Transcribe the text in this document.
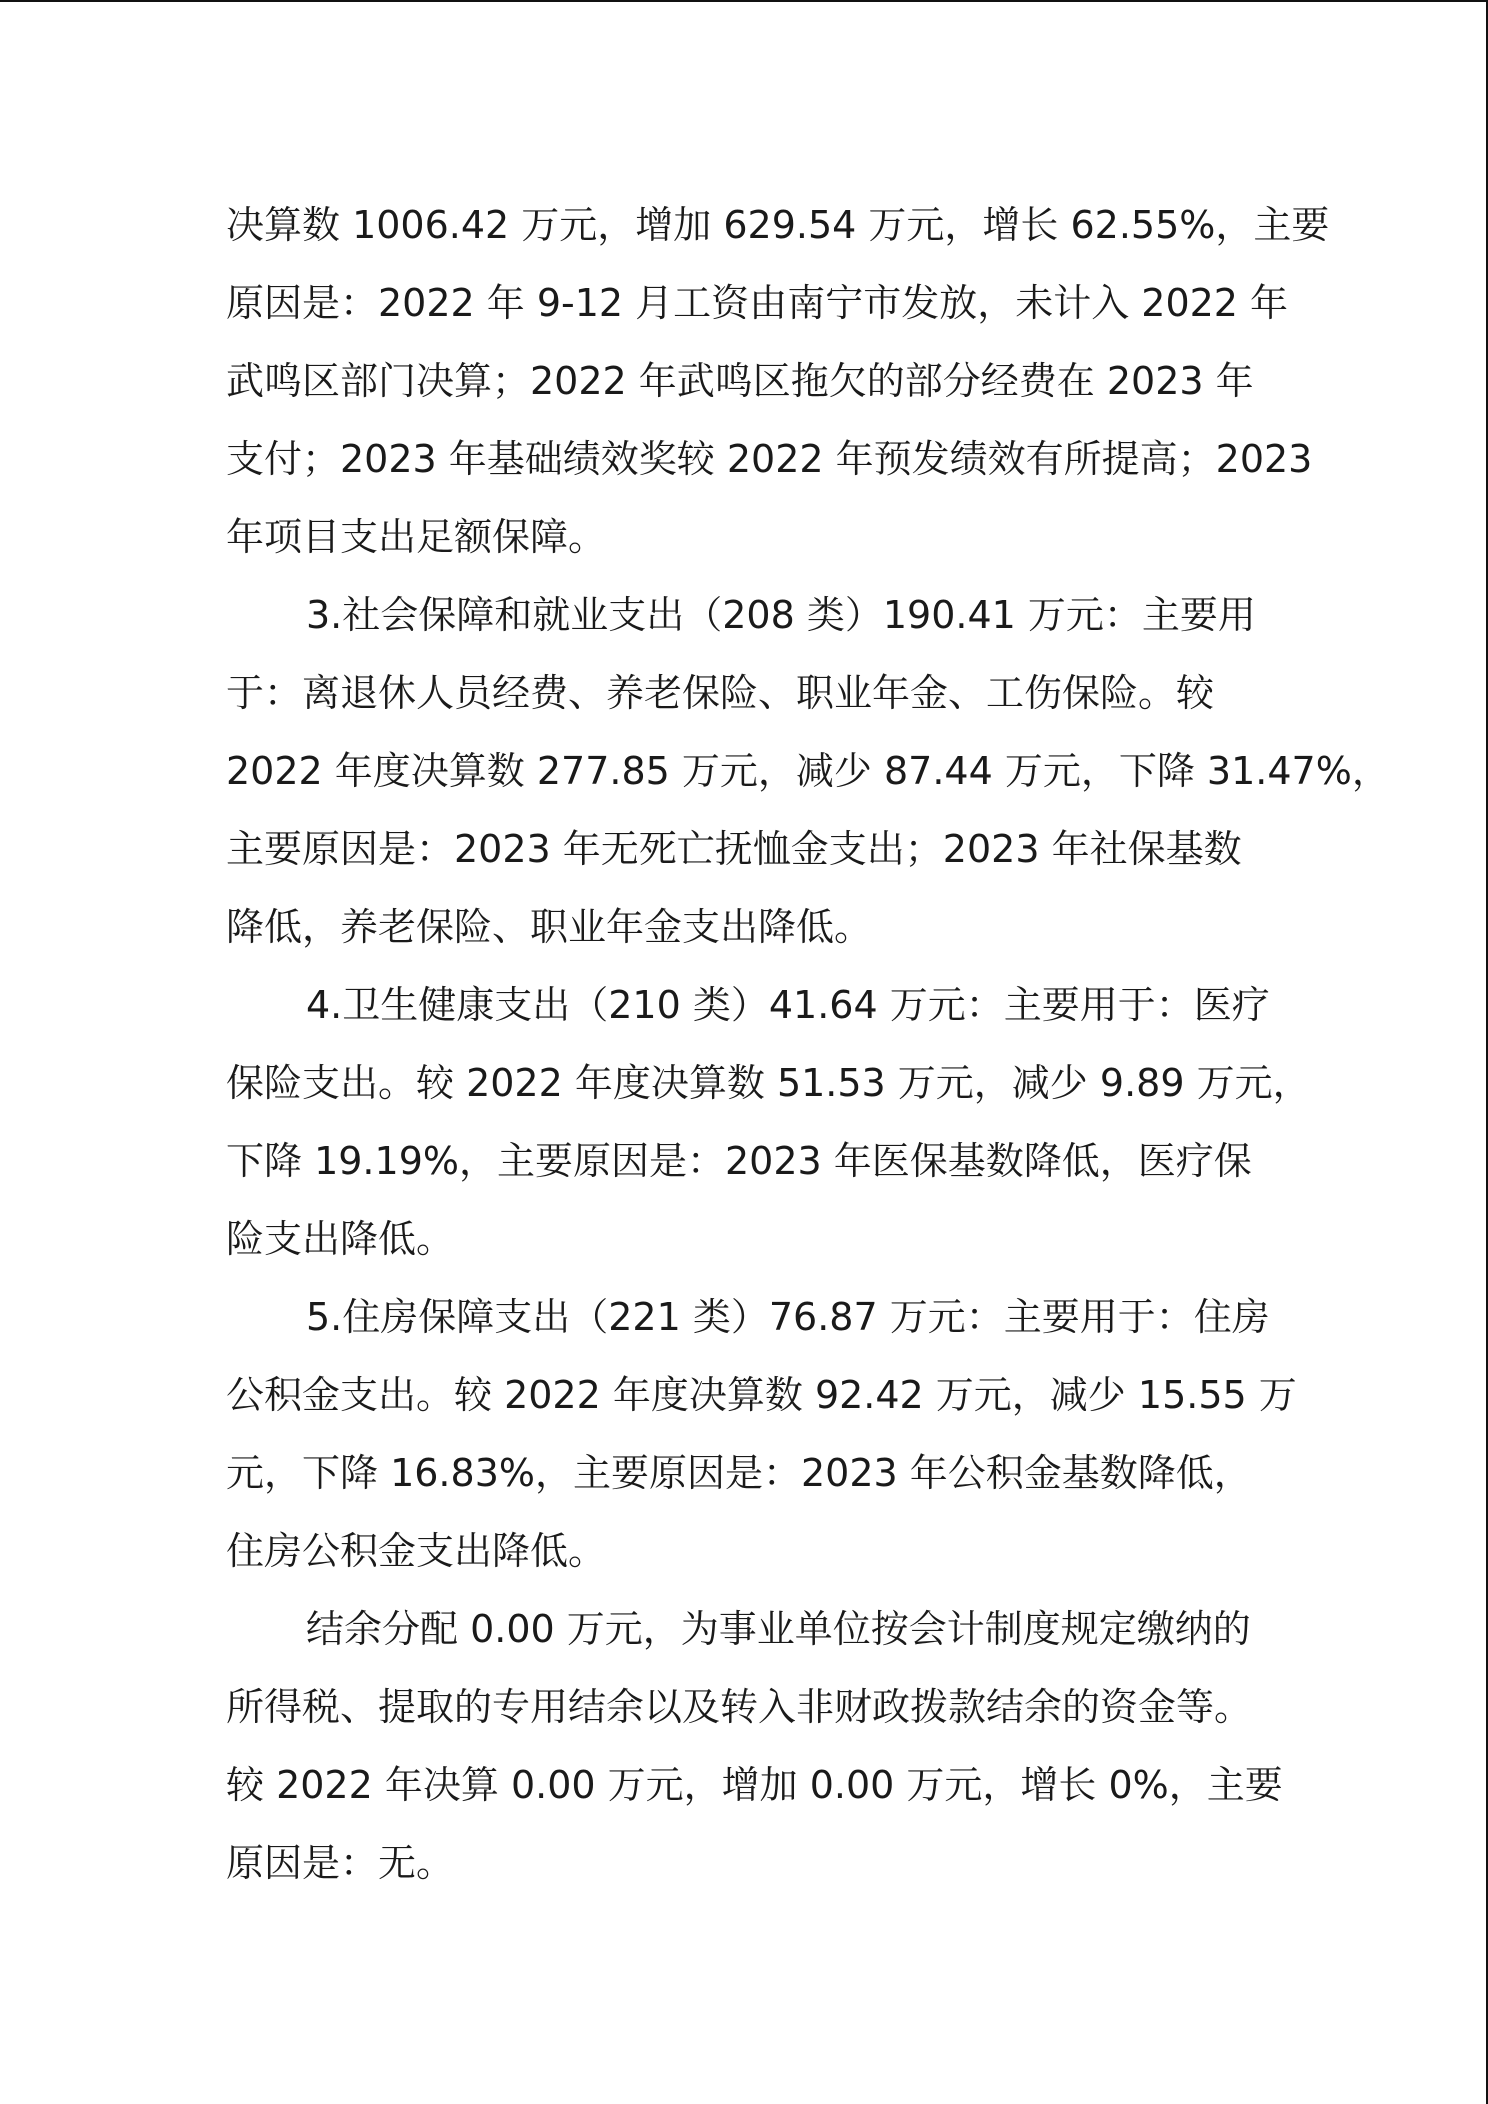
决算数 1006.42 万元，增加 629.54 万元，增长 62.55%，主要
原因是：2022 年 9-12 月工资由南宁市发放，未计入 2022 年
武鸣区部门决算；2022 年武鸣区拖欠的部分经费在 2023 年
支付；2023 年基础绩效奖较 2022 年预发绩效有所提高；2023
年项目支出足额保障。
3.社会保障和就业支出（208 类）190.41 万元：主要用
于：离退休人员经费、养老保险、职业年金、工伤保险。较
2022 年度决算数 277.85 万元，减少 87.44 万元，下降 31.47%，
主要原因是：2023 年无死亡抚恤金支出；2023 年社保基数
降低，养老保险、职业年金支出降低。
4.卫生健康支出（210 类）41.64 万元：主要用于：医疗
保险支出。较 2022 年度决算数 51.53 万元，减少 9.89 万元，
下降 19.19%，主要原因是：2023 年医保基数降低，医疗保
险支出降低。
5.住房保障支出（221 类）76.87 万元：主要用于：住房
公积金支出。较 2022 年度决算数 92.42 万元，减少 15.55 万
元，下降 16.83%，主要原因是：2023 年公积金基数降低，
住房公积金支出降低。
结余分配 0.00 万元，为事业单位按会计制度规定缴纳的
所得税、提取的专用结余以及转入非财政拨款结余的资金等。
较 2022 年决算 0.00 万元，增加 0.00 万元，增长 0%，主要
原因是：无。
